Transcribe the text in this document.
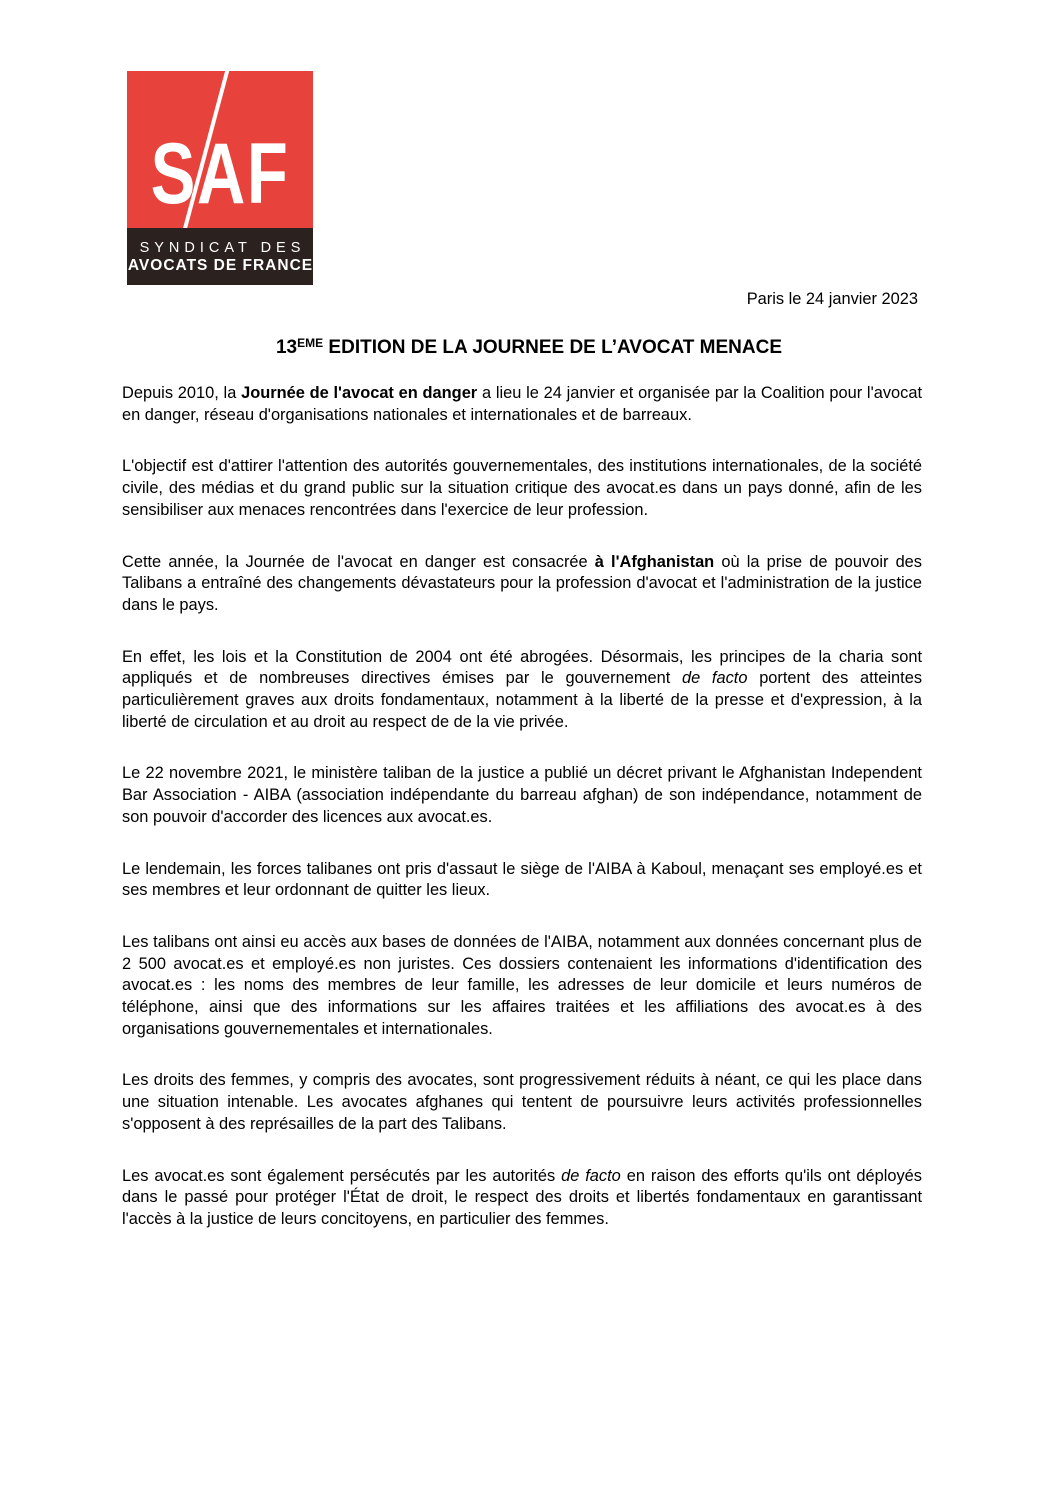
SAF
SYNDICAT DES
AVOCATS DE FRANCE
Paris le 24 janvier 2023
13EME EDITION DE LA JOURNEE DE L’AVOCAT MENACE

Depuis 2010, la Journée de l'avocat en danger a lieu le 24 janvier et organisée par la Coalition pour l'avocat en danger, réseau d'organisations nationales et internationales et de barreaux.

L'objectif est d'attirer l'attention des autorités gouvernementales, des institutions internationales, de la société civile, des médias et du grand public sur la situation critique des avocat.es dans un pays donné, afin de les sensibiliser aux menaces rencontrées dans l'exercice de leur profession.

Cette année, la Journée de l'avocat en danger est consacrée à l'Afghanistan où la prise de pouvoir des Talibans a entraîné des changements dévastateurs pour la profession d'avocat et l'administration de la justice dans le pays.

En effet, les lois et la Constitution de 2004 ont été abrogées. Désormais, les principes de la charia sont appliqués et de nombreuses directives émises par le gouvernement de facto portent des atteintes particulièrement graves aux droits fondamentaux, notamment à la liberté de la presse et d'expression, à la liberté de circulation et au droit au respect de de la vie privée.

Le 22 novembre 2021, le ministère taliban de la justice a publié un décret privant le Afghanistan Independent Bar Association - AIBA (association indépendante du barreau afghan) de son indépendance, notamment de son pouvoir d'accorder des licences aux avocat.es.

Le lendemain, les forces talibanes ont pris d'assaut le siège de l'AIBA à Kaboul, menaçant ses employé.es et ses membres et leur ordonnant de quitter les lieux.

Les talibans ont ainsi eu accès aux bases de données de l'AIBA, notamment aux données concernant plus de 2 500 avocat.es et employé.es non juristes. Ces dossiers contenaient les informations d'identification des avocat.es : les noms des membres de leur famille, les adresses de leur domicile et leurs numéros de téléphone, ainsi que des informations sur les affaires traitées et les affiliations des avocat.es à des organisations gouvernementales et internationales.

Les droits des femmes, y compris des avocates, sont progressivement réduits à néant, ce qui les place dans une situation intenable. Les avocates afghanes qui tentent de poursuivre leurs activités professionnelles s'opposent à des représailles de la part des Talibans.

Les avocat.es sont également persécutés par les autorités de facto en raison des efforts qu'ils ont déployés dans le passé pour protéger l'État de droit, le respect des droits et libertés fondamentaux en garantissant l'accès à la justice de leurs concitoyens, en particulier des femmes.
